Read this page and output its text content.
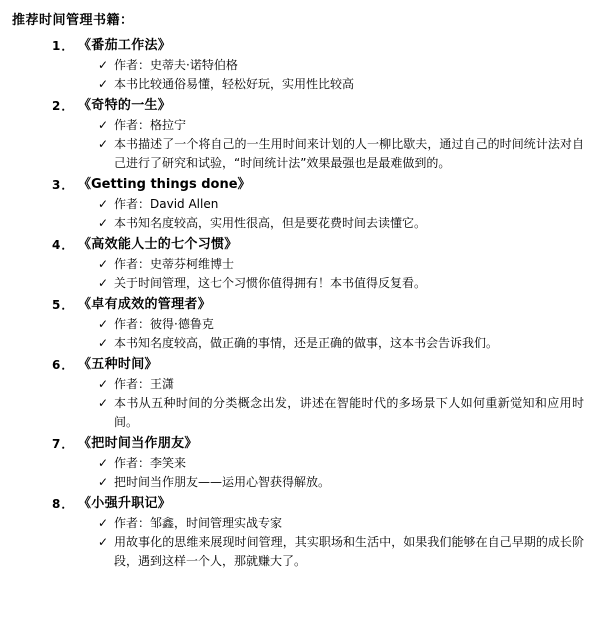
推荐时间管理书籍：
1． 《番茄工作法》
✓ 作者：史蒂夫·诺特伯格
✓ 本书比较通俗易懂，轻松好玩，实用性比较高
2． 《奇特的一生》
✓ 作者：格拉宁
✓ 本书描述了一个将自己的一生用时间来计划的人一柳比歇夫，通过自己的时间统计法对自己进行了研究和试验，“时间统计法”效果最强也是最难做到的。
3． 《Getting things done》
✓ 作者：David Allen
✓ 本书知名度较高，实用性很高，但是要花费时间去读懂它。
4． 《高效能人士的七个习惯》
✓ 作者：史蒂芬柯维博士
✓ 关于时间管理，这七个习惯你值得拥有！本书值得反复看。
5． 《卓有成效的管理者》
✓ 作者：彼得·德鲁克
✓ 本书知名度较高，做正确的事情，还是正确的做事，这本书会告诉我们。
6． 《五种时间》
✓ 作者：王潇
✓ 本书从五种时间的分类概念出发，讲述在智能时代的多场景下人如何重新觉知和应用时间。
7． 《把时间当作朋友》
✓ 作者：李笑来
✓ 把时间当作朋友——运用心智获得解放。
8． 《小强升职记》
✓ 作者：邹鑫，时间管理实战专家
✓ 用故事化的思维来展现时间管理，其实职场和生活中，如果我们能够在自己早期的成长阶段，遇到这样一个人，那就赚大了。
